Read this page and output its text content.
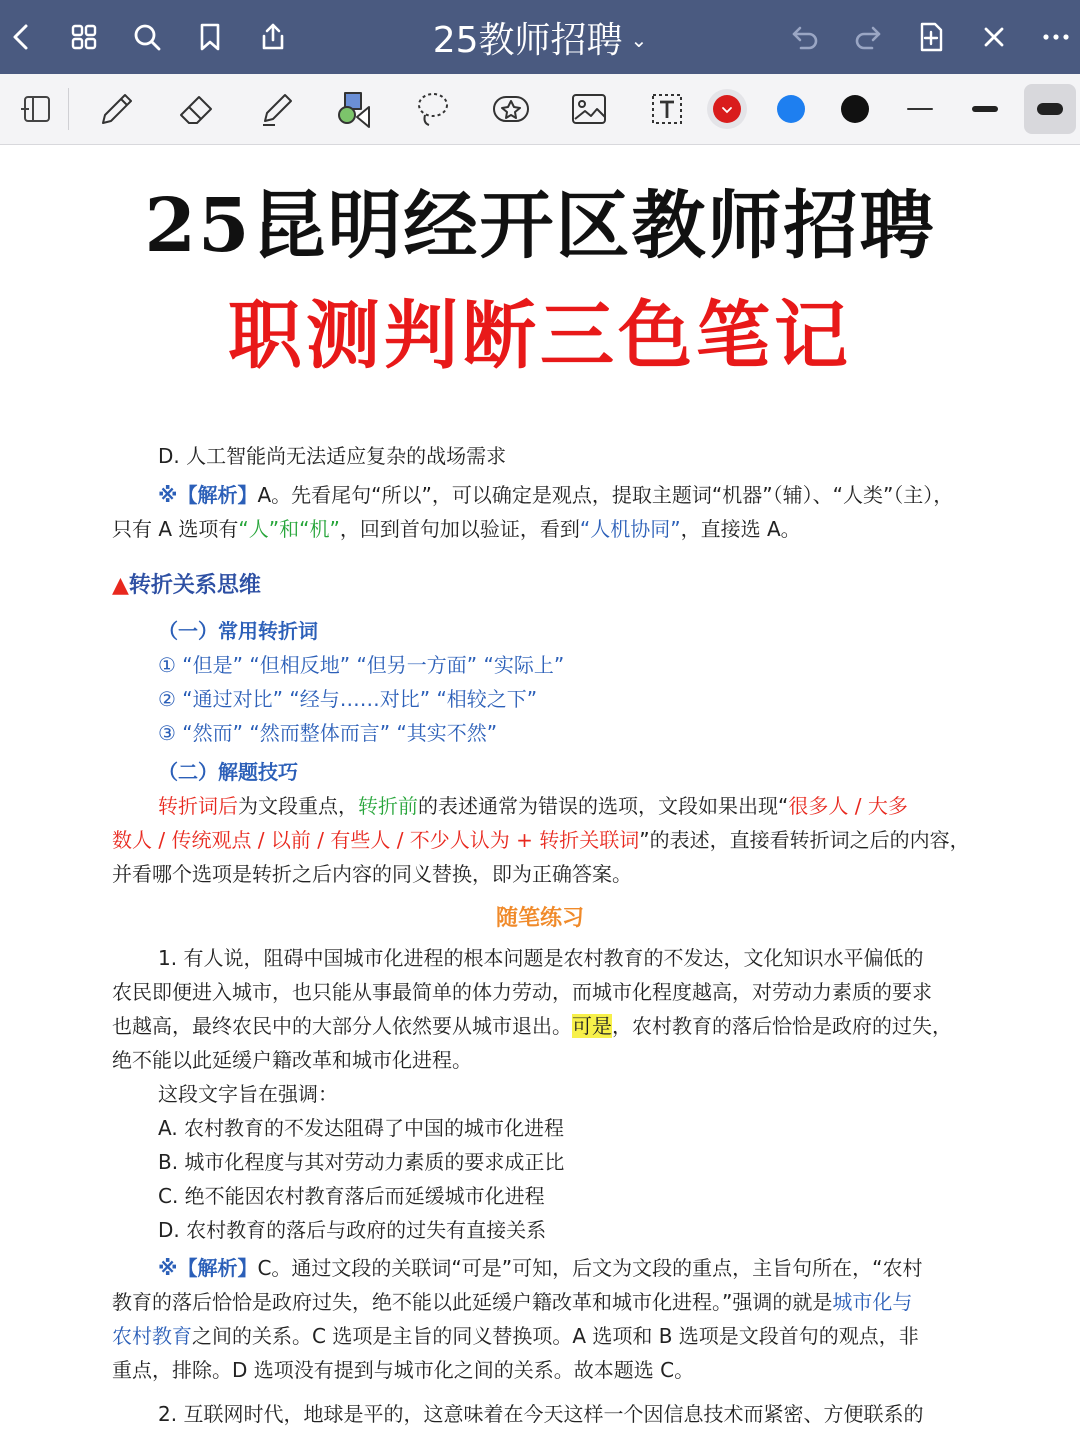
25教师招聘 ⌄
25昆明经开区教师招聘
职测判断三色笔记
D. 人工智能尚无法适应复杂的战场需求
※【解析】A。先看尾句“所以”，可以确定是观点，提取主题词“机器”（辅）、“人类”（主），
只有 A 选项有“人”和“机”，回到首句加以验证，看到“人机协同”，直接选 A。
▲转折关系思维
（一）常用转折词
① “但是” “但相反地” “但另一方面” “实际上”
② “通过对比” “经与……对比” “相较之下”
③ “然而” “然而整体而言” “其实不然”
（二）解题技巧
转折词后为文段重点，转折前的表述通常为错误的选项，文段如果出现“很多人 / 大多
数人 / 传统观点 / 以前 / 有些人 / 不少人认为 + 转折关联词”的表述，直接看转折词之后的内容，
并看哪个选项是转折之后内容的同义替换，即为正确答案。
随笔练习
1. 有人说，阻碍中国城市化进程的根本问题是农村教育的不发达，文化知识水平偏低的
农民即便进入城市，也只能从事最简单的体力劳动，而城市化程度越高，对劳动力素质的要求
也越高，最终农民中的大部分人依然要从城市退出。可是，农村教育的落后恰恰是政府的过失，
绝不能以此延缓户籍改革和城市化进程。
这段文字旨在强调：
A. 农村教育的不发达阻碍了中国的城市化进程
B. 城市化程度与其对劳动力素质的要求成正比
C. 绝不能因农村教育落后而延缓城市化进程
D. 农村教育的落后与政府的过失有直接关系
※【解析】C。通过文段的关联词“可是”可知，后文为文段的重点，主旨句所在，“农村
教育的落后恰恰是政府过失，绝不能以此延缓户籍改革和城市化进程。”强调的就是城市化与
农村教育之间的关系。C 选项是主旨的同义替换项。A 选项和 B 选项是文段首句的观点，非
重点，排除。D 选项没有提到与城市化之间的关系。故本题选 C。
2. 互联网时代，地球是平的，这意味着在今天这样一个因信息技术而紧密、方便联系的
